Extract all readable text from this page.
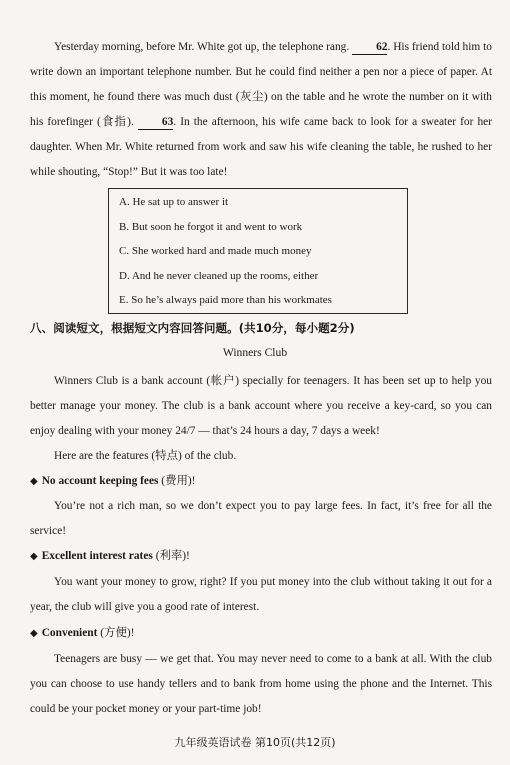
Yesterday morning, before Mr. White got up, the telephone rang. 62. His friend told him to write down an important telephone number. But he could find neither a pen nor a piece of paper. At this moment, he found there was much dust (灰尘) on the table and he wrote the number on it with his forefinger (食指). 63. In the afternoon, his wife came back to look for a sweater for her daughter. When Mr. White returned from work and saw his wife cleaning the table, he rushed to her while shouting, “Stop!” But it was too late!
A. He sat up to answer it
B. But soon he forgot it and went to work
C. She worked hard and made much money
D. And he never cleaned up the rooms, either
E. So he’s always paid more than his workmates
八、阅读短文，根据短文内容回答问题。(共10分，每小题2分)
Winners Club
Winners Club is a bank account (帐户) specially for teenagers. It has been set up to help you better manage your money. The club is a bank account where you receive a key-card, so you can enjoy dealing with your money 24/7 — that’s 24 hours a day, 7 days a week!
Here are the features (特点) of the club.
◆ No account keeping fees (费用)!
You’re not a rich man, so we don’t expect you to pay large fees. In fact, it’s free for all the service!
◆ Excellent interest rates (利率)!
You want your money to grow, right? If you put money into the club without taking it out for a year, the club will give you a good rate of interest.
◆ Convenient (方便)!
Teenagers are busy — we get that. You may never need to come to a bank at all. With the club you can choose to use handy tellers and to bank from home using the phone and the Internet. This could be your pocket money or your part-time job!
九年级英语试卷 第10页(共12页)
